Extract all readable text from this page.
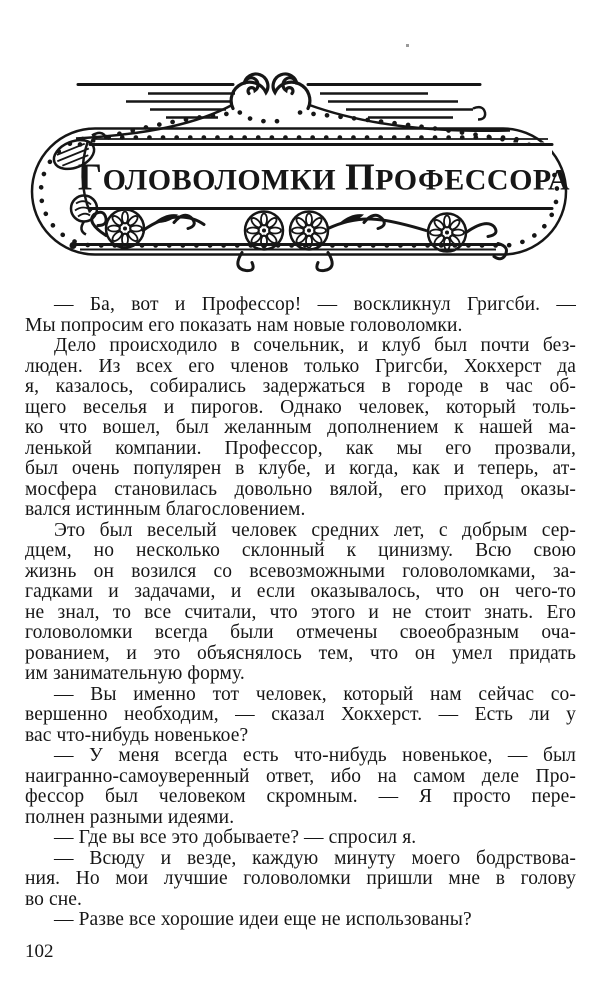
ГОЛОВОЛОМКИ ПРОФЕССОРА
— Ба, вот и Профессор! — воскликнул Григсби. —
Мы попросим его показать нам новые головоломки.
Дело происходило в сочельник, и клуб был почти без-
люден. Из всех его членов только Григсби, Хокхерст да
я, казалось, собирались задержаться в городе в час об-
щего веселья и пирогов. Однако человек, который толь-
ко что вошел, был желанным дополнением к нашей ма-
ленькой компании. Профессор, как мы его прозвали,
был очень популярен в клубе, и когда, как и теперь, ат-
мосфера становилась довольно вялой, его приход оказы-
вался истинным благословением.
Это был веселый человек средних лет, с добрым сер-
дцем, но несколько склонный к цинизму. Всю свою
жизнь он возился со всевозможными головоломками, за-
гадками и задачами, и если оказывалось, что он чего-то
не знал, то все считали, что этого и не стоит знать. Его
головоломки всегда были отмечены своеобразным оча-
рованием, и это объяснялось тем, что он умел придать
им занимательную форму.
— Вы именно тот человек, который нам сейчас со-
вершенно необходим, — сказал Хокхерст. — Есть ли у
вас что-нибудь новенькое?
— У меня всегда есть что-нибудь новенькое, — был
наигранно-самоуверенный ответ, ибо на самом деле Про-
фессор был человеком скромным. — Я просто пере-
полнен разными идеями.
— Где вы все это добываете? — спросил я.
— Всюду и везде, каждую минуту моего бодрствова-
ния. Но мои лучшие головоломки пришли мне в голову
во сне.
— Разве все хорошие идеи еще не использованы?
102
